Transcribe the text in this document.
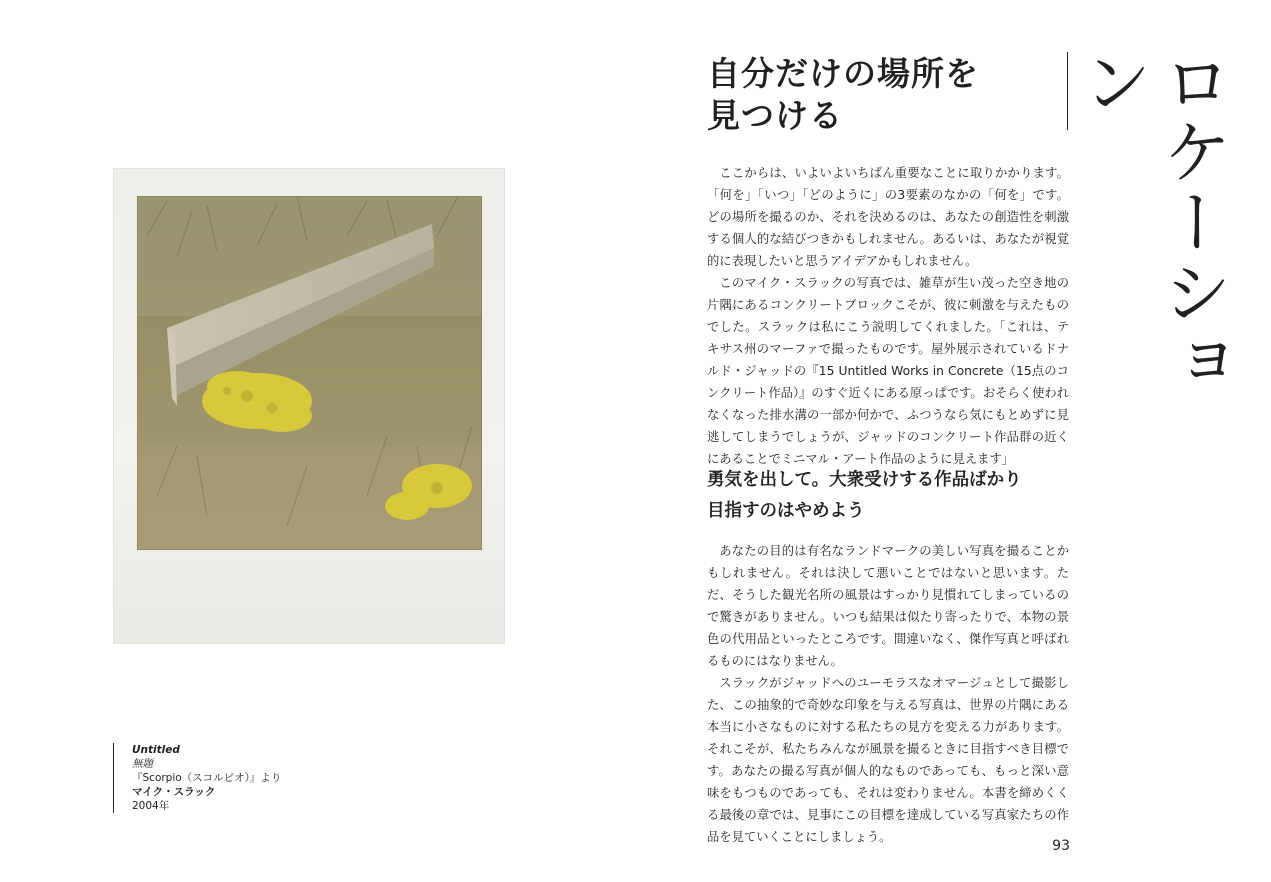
Untitled
無題
『Scorpio（スコルピオ）』より
マイク・スラック
2004年
自分だけの場所を
見つける	ロケーション

ここからは、いよいよいちばん重要なことに取りかかります。「何を」「いつ」「どのように」の3要素のなかの「何を」です。どの場所を撮るのか、それを決めるのは、あなたの創造性を刺激する個人的な結びつきかもしれません。あるいは、あなたが視覚的に表現したいと思うアイデアかもしれません。

このマイク・スラックの写真では、雑草が生い茂った空き地の片隅にあるコンクリートブロックこそが、彼に刺激を与えたものでした。スラックは私にこう説明してくれました。「これは、テキサス州のマーファで撮ったものです。屋外展示されているドナルド・ジャッドの『15 Untitled Works in Concrete（15点のコンクリート作品）』のすぐ近くにある原っぱです。おそらく使われなくなった排水溝の一部か何かで、ふつうなら気にもとめずに見逃してしまうでしょうが、ジャッドのコンクリート作品群の近くにあることでミニマル・アート作品のように見えます」

勇気を出して。大衆受けする作品ばかり
目指すのはやめよう

あなたの目的は有名なランドマークの美しい写真を撮ることかもしれません。それは決して悪いことではないと思います。ただ、そうした観光名所の風景はすっかり見慣れてしまっているので驚きがありません。いつも結果は似たり寄ったりで、本物の景色の代用品といったところです。間違いなく、傑作写真と呼ばれるものにはなりません。

スラックがジャッドへのユーモラスなオマージュとして撮影した、この抽象的で奇妙な印象を与える写真は、世界の片隅にある本当に小さなものに対する私たちの見方を変える力があります。それこそが、私たちみんなが風景を撮るときに目指すべき目標です。あなたの撮る写真が個人的なものであっても、もっと深い意味をもつものであっても、それは変わりません。本書を締めくくる最後の章では、見事にこの目標を達成している写真家たちの作品を見ていくことにしましょう。

93
